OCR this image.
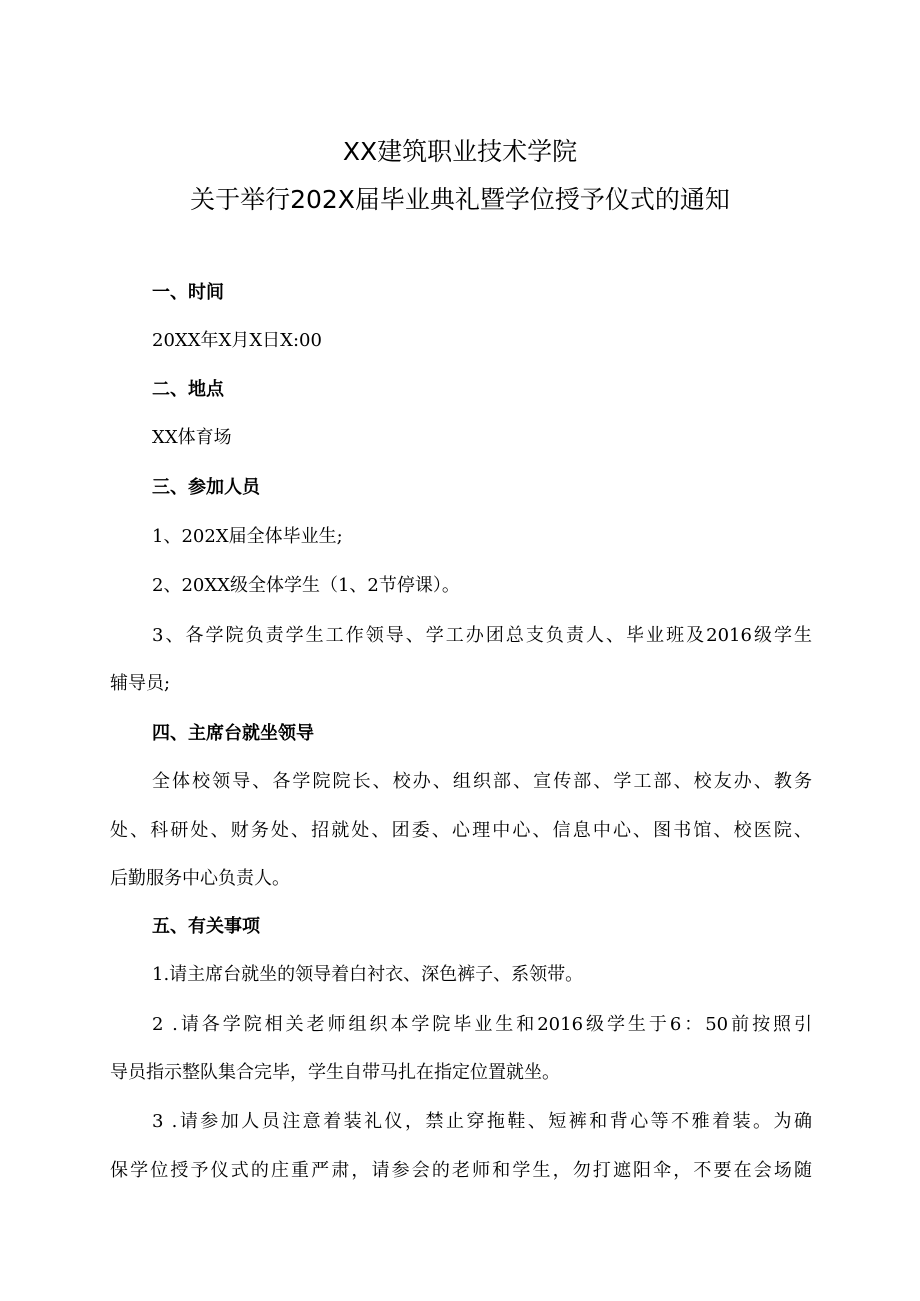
XX建筑职业技术学院
关于举行202X届毕业典礼暨学位授予仪式的通知
一、时间
20XX年X月X日X:00
二、地点
XX体育场
三、参加人员
1、202X届全体毕业生;
2、20XX级全体学生（1、2节停课）。
3、各学院负责学生工作领导、学工办团总支负责人、毕业班及2016级学生
辅导员;
四、主席台就坐领导
全体校领导、各学院院长、校办、组织部、宣传部、学工部、校友办、教务
处、科研处、财务处、招就处、团委、心理中心、信息中心、图书馆、校医院、
后勤服务中心负责人。
五、有关事项
1.请主席台就坐的领导着白衬衣、深色裤子、系领带。
2 .请各学院相关老师组织本学院毕业生和2016级学生于6：50前按照引
导员指示整队集合完毕，学生自带马扎在指定位置就坐。
3 .请参加人员注意着装礼仪，禁止穿拖鞋、短裤和背心等不雅着装。为确
保学位授予仪式的庄重严肃，请参会的老师和学生，勿打遮阳伞，不要在会场随
